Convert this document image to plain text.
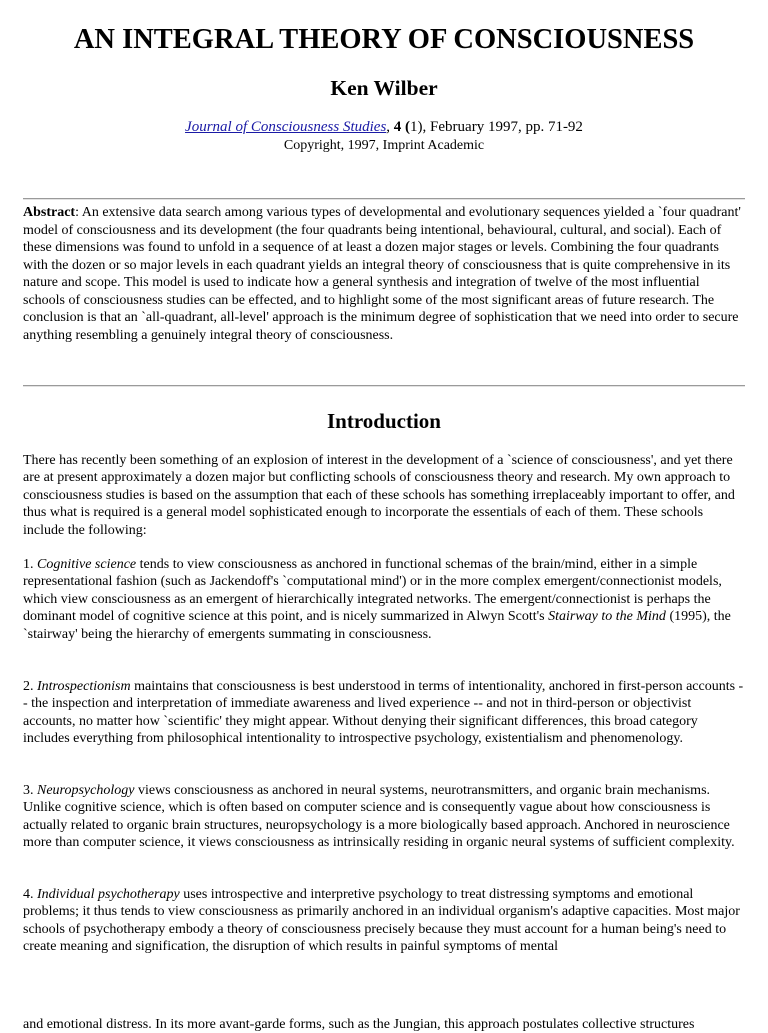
AN INTEGRAL THEORY OF CONSCIOUSNESS
Ken Wilber
Journal of Consciousness Studies, 4 (1), February 1997, pp. 71-92
Copyright, 1997, Imprint Academic

Abstract: An extensive data search among various types of developmental and evolutionary sequences yielded a `four quadrant' model of consciousness and its development (the four quadrants being intentional, behavioural, cultural, and social). Each of these dimensions was found to unfold in a sequence of at least a dozen major stages or levels. Combining the four quadrants with the dozen or so major levels in each quadrant yields an integral theory of consciousness that is quite comprehensive in its nature and scope. This model is used to indicate how a general synthesis and integration of twelve of the most influential schools of consciousness studies can be effected, and to highlight some of the most significant areas of future research. The conclusion is that an `all-quadrant, all-level' approach is the minimum degree of sophistication that we need into order to secure anything resembling a genuinely integral theory of consciousness.

Introduction

There has recently been something of an explosion of interest in the development of a `science of consciousness', and yet there are at present approximately a dozen major but conflicting schools of consciousness theory and research. My own approach to consciousness studies is based on the assumption that each of these schools has something irreplaceably important to offer, and thus what is required is a general model sophisticated enough to incorporate the essentials of each of them. These schools include the following:

1. Cognitive science tends to view consciousness as anchored in functional schemas of the brain/mind, either in a simple representational fashion (such as Jackendoff's `computational mind') or in the more complex emergent/connectionist models, which view consciousness as an emergent of hierarchically integrated networks. The emergent/connectionist is perhaps the dominant model of cognitive science at this point, and is nicely summarized in Alwyn Scott's Stairway to the Mind (1995), the `stairway' being the hierarchy of emergents summating in consciousness.

2. Introspectionism maintains that consciousness is best understood in terms of intentionality, anchored in first-person accounts -- the inspection and interpretation of immediate awareness and lived experience -- and not in third-person or objectivist accounts, no matter how `scientific' they might appear. Without denying their significant differences, this broad category includes everything from philosophical intentionality to introspective psychology, existentialism and phenomenology.

3. Neuropsychology views consciousness as anchored in neural systems, neurotransmitters, and organic brain mechanisms. Unlike cognitive science, which is often based on computer science and is consequently vague about how consciousness is actually related to organic brain structures, neuropsychology is a more biologically based approach. Anchored in neuroscience more than computer science, it views consciousness as intrinsically residing in organic neural systems of sufficient complexity.

4. Individual psychotherapy uses introspective and interpretive psychology to treat distressing symptoms and emotional problems; it thus tends to view consciousness as primarily anchored in an individual organism's adaptive capacities. Most major schools of psychotherapy embody a theory of consciousness precisely because they must account for a human being's need to create meaning and signification, the disruption of which results in painful symptoms of mental

and emotional distress. In its more avant-garde forms, such as the Jungian, this approach postulates collective structures
